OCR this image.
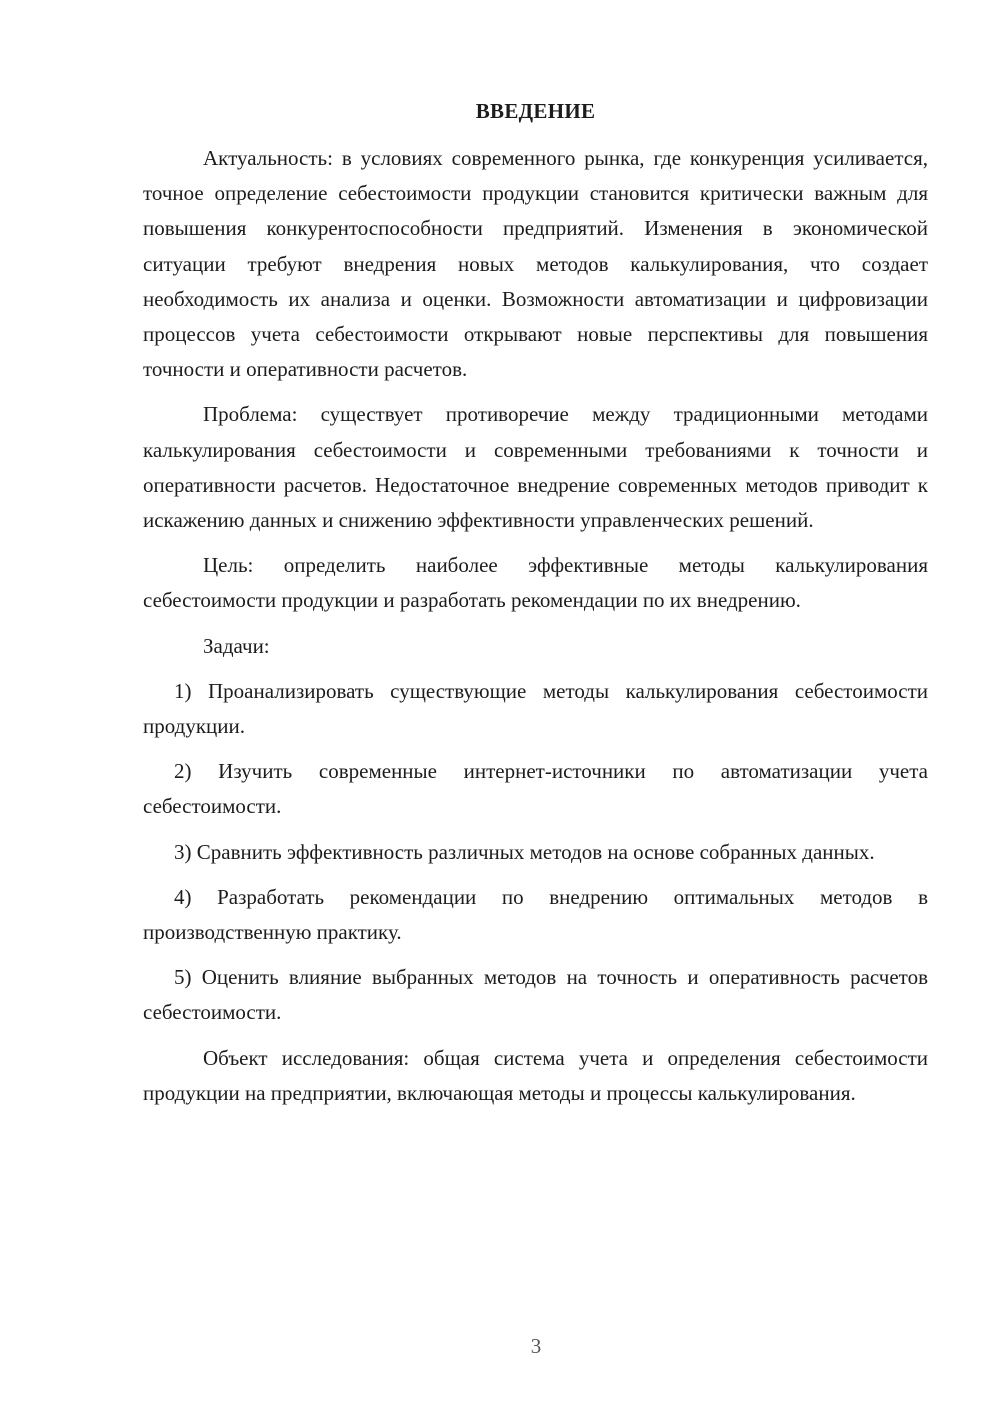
ВВЕДЕНИЕ

Актуальность: в условиях современного рынка, где конкуренция усиливается, точное определение себестоимости продукции становится критически важным для повышения конкурентоспособности предприятий. Изменения в экономической ситуации требуют внедрения новых методов калькулирования, что создает необходимость их анализа и оценки. Возможности автоматизации и цифровизации процессов учета себестоимости открывают новые перспективы для повышения точности и оперативности расчетов.

Проблема: существует противоречие между традиционными методами калькулирования себестоимости и современными требованиями к точности и оперативности расчетов. Недостаточное внедрение современных методов приводит к искажению данных и снижению эффективности управленческих решений.

Цель: определить наиболее эффективные методы калькулирования себестоимости продукции и разработать рекомендации по их внедрению.

Задачи:

1) Проанализировать существующие методы калькулирования себестоимости продукции.

2) Изучить современные интернет-источники по автоматизации учета себестоимости.

3) Сравнить эффективность различных методов на основе собранных данных.

4) Разработать рекомендации по внедрению оптимальных методов в производственную практику.

5) Оценить влияние выбранных методов на точность и оперативность расчетов себестоимости.

Объект исследования: общая система учета и определения себестоимости продукции на предприятии, включающая методы и процессы калькулирования.

3
